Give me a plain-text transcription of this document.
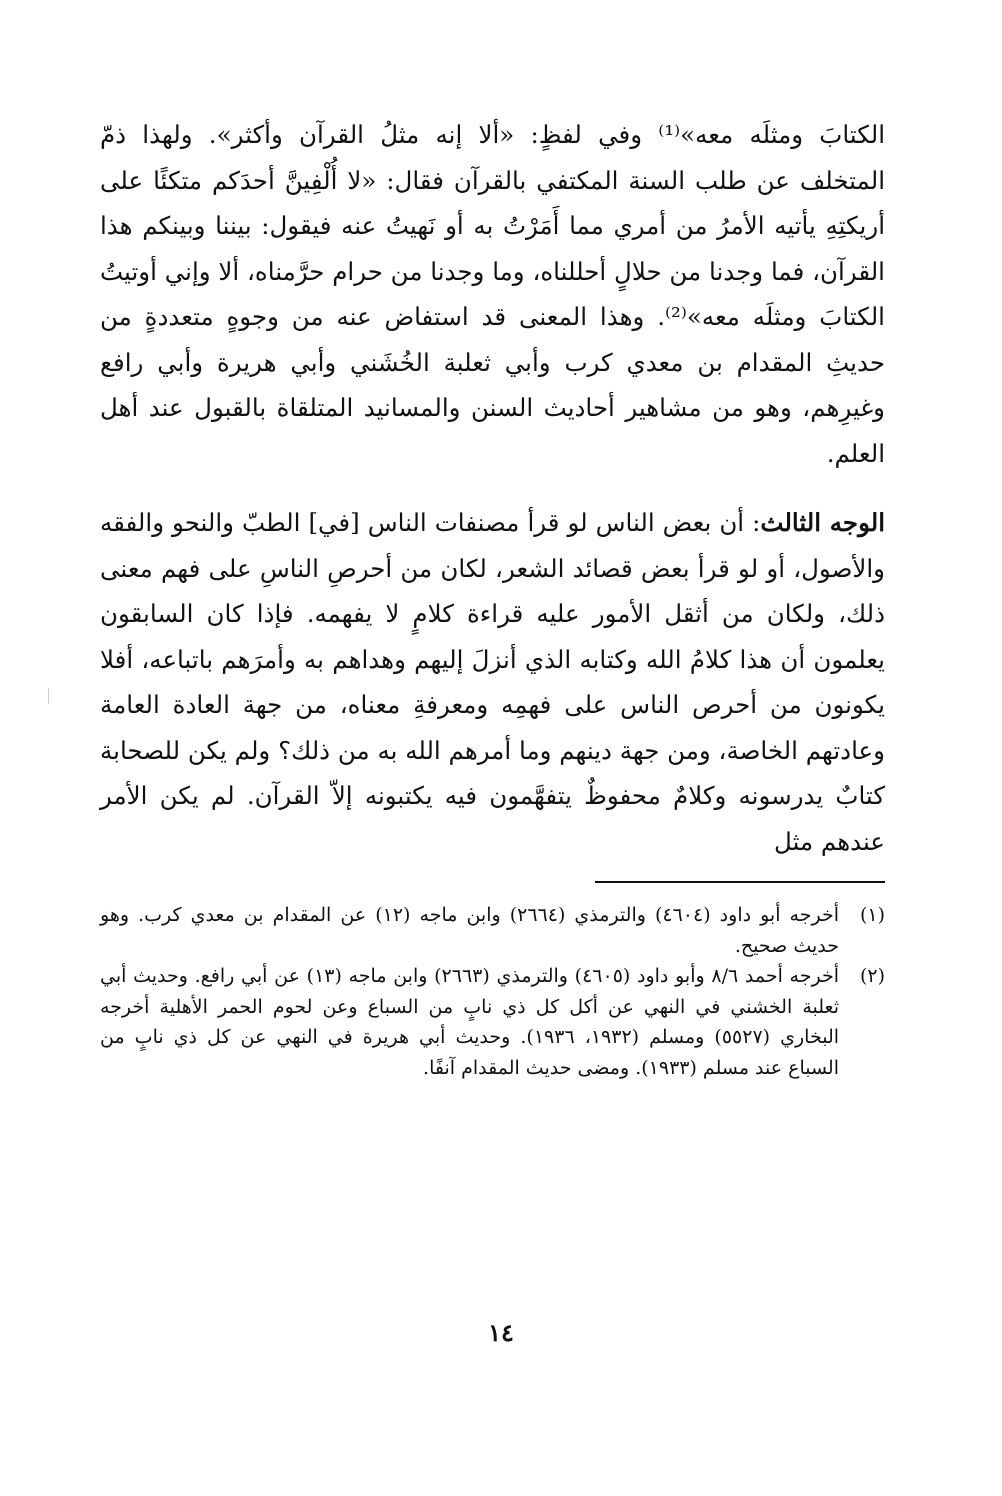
الكتابَ ومثلَه معه»⁽¹⁾ وفي لفظٍ: «ألا إنه مثلُ القرآن وأكثر». ولهذا ذمّ المتخلف عن طلب السنة المكتفي بالقرآن فقال: «لا أُلْفِينَّ أحدَكم متكئًا على أريكتِهِ يأتيه الأمرُ من أمري مما أَمَرْتُ به أو نَهيتُ عنه فيقول: بيننا وبينكم هذا القرآن، فما وجدنا من حلالٍ أحللناه، وما وجدنا من حرام حرَّمناه، ألا وإني أوتيتُ الكتابَ ومثلَه معه»⁽²⁾. وهذا المعنى قد استفاض عنه من وجوهٍ متعددةٍ من حديثِ المقدام بن معدي كرب وأبي ثعلبة الخُشَني وأبي هريرة وأبي رافع وغيرِهم، وهو من مشاهير أحاديث السنن والمسانيد المتلقاة بالقبول عند أهل العلم.

الوجه الثالث: أن بعض الناس لو قرأ مصنفات الناس [في] الطبّ والنحو والفقه والأصول، أو لو قرأ بعض قصائد الشعر، لكان من أحرصِ الناسِ على فهم معنى ذلك، ولكان من أثقل الأمور عليه قراءة كلامٍ لا يفهمه. فإذا كان السابقون يعلمون أن هذا كلامُ الله وكتابه الذي أنزلَ إليهم وهداهم به وأمرَهم باتباعه، أفلا يكونون من أحرص الناس على فهمِه ومعرفةِ معناه، من جهة العادة العامة وعادتهم الخاصة، ومن جهة دينهم وما أمرهم الله به من ذلك؟ ولم يكن للصحابة كتابٌ يدرسونه وكلامٌ محفوظٌ يتفهَّمون فيه يكتبونه إلاّ القرآن. لم يكن الأمر عندهم مثل

(١)
أخرجه أبو داود (٤٦٠٤) والترمذي (٢٦٦٤) وابن ماجه (١٢) عن المقدام بن معدي كرب. وهو حديث صحيح.
(٢)
أخرجه أحمد ٨/٦ وأبو داود (٤٦٠٥) والترمذي (٢٦٦٣) وابن ماجه (١٣) عن أبي رافع. وحديث أبي ثعلبة الخشني في النهي عن أكل كل ذي نابٍ من السباع وعن لحوم الحمر الأهلية أخرجه البخاري (٥٥٢٧) ومسلم (١٩٣٢، ١٩٣٦). وحديث أبي هريرة في النهي عن كل ذي نابٍ من السباع عند مسلم (١٩٣٣). ومضى حديث المقدام آنفًا.
١٤
